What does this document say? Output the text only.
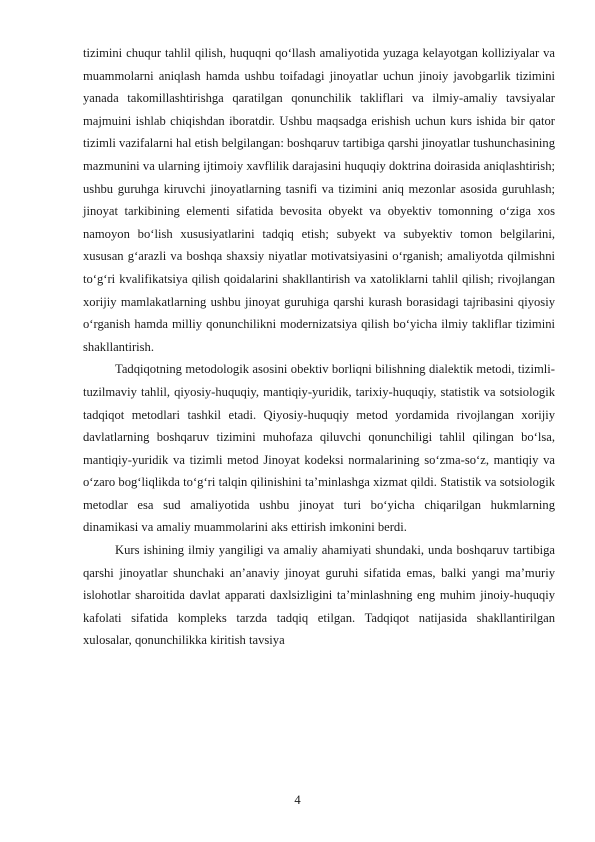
tizimini chuqur tahlil qilish, huquqni qo‘llash amaliyotida yuzaga kelayotgan kolliziyalar va muammolarni aniqlash hamda ushbu toifadagi jinoyatlar uchun jinoiy javobgarlik tizimini yanada takomillashtirishga qaratilgan qonunchilik takliflari va ilmiy-amaliy tavsiyalar majmuini ishlab chiqishdan iboratdir. Ushbu maqsadga erishish uchun kurs ishida bir qator tizimli vazifalarni hal etish belgilangan: boshqaruv tartibiga qarshi jinoyatlar tushunchasining mazmunini va ularning ijtimoiy xavflilik darajasini huquqiy doktrina doirasida aniqlashtirish; ushbu guruhga kiruvchi jinoyatlarning tasnifi va tizimini aniq mezonlar asosida guruhlash; jinoyat tarkibining elementi sifatida bevosita obyekt va obyektiv tomonning o‘ziga xos namoyon bo‘lish xususiyatlarini tadqiq etish; subyekt va subyektiv tomon belgilarini, xususan g‘arazli va boshqa shaxsiy niyatlar motivatsiyasini o‘rganish; amaliyotda qilmishni to‘g‘ri kvalifikatsiya qilish qoidalarini shakllantirish va xatoliklarni tahlil qilish; rivojlangan xorijiy mamlakatlarning ushbu jinoyat guruhiga qarshi kurash borasidagi tajribasini qiyosiy o‘rganish hamda milliy qonunchilikni modernizatsiya qilish bo‘yicha ilmiy takliflar tizimini shakllantirish.

Tadqiqotning metodologik asosini obektiv borliqni bilishning dialektik metodi, tizimli-tuzilmaviy tahlil, qiyosiy-huquqiy, mantiqiy-yuridik, tarixiy-huquqiy, statistik va sotsiologik tadqiqot metodlari tashkil etadi. Qiyosiy-huquqiy metod yordamida rivojlangan xorijiy davlatlarning boshqaruv tizimini muhofaza qiluvchi qonunchiligi tahlil qilingan bo‘lsa, mantiqiy-yuridik va tizimli metod Jinoyat kodeksi normalarining so‘zma-so‘z, mantiqiy va o‘zaro bog‘liqlikda to‘g‘ri talqin qilinishini ta’minlashga xizmat qildi. Statistik va sotsiologik metodlar esa sud amaliyotida ushbu jinoyat turi bo‘yicha chiqarilgan hukmlarning dinamikasi va amaliy muammolarini aks ettirish imkonini berdi.

Kurs ishining ilmiy yangiligi va amaliy ahamiyati shundaki, unda boshqaruv tartibiga qarshi jinoyatlar shunchaki an’anaviy jinoyat guruhi sifatida emas, balki yangi ma’muriy islohotlar sharoitida davlat apparati daxlsizligini ta’minlashning eng muhim jinoiy-huquqiy kafolati sifatida kompleks tarzda tadqiq etilgan. Tadqiqot natijasida shakllantirilgan xulosalar, qonunchilikka kiritish tavsiya

4
